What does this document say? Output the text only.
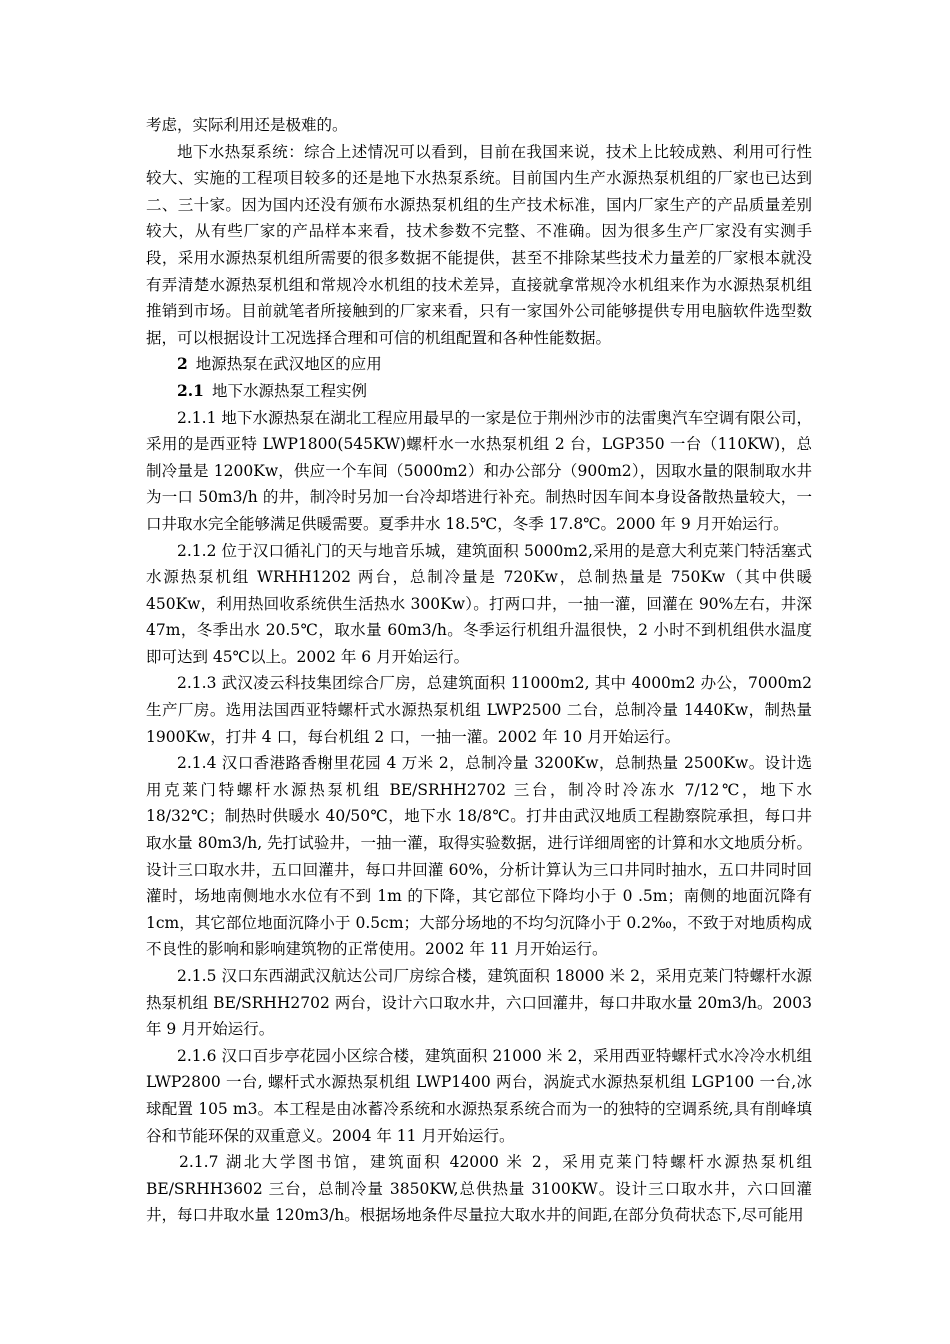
考虑，实际利用还是极难的。

地下水热泵系统：综合上述情况可以看到，目前在我国来说，技术上比较成熟、利用可行性较大、实施的工程项目较多的还是地下水热泵系统。目前国内生产水源热泵机组的厂家也已达到二、三十家。因为国内还没有颁布水源热泵机组的生产技术标准，国内厂家生产的产品质量差别较大，从有些厂家的产品样本来看，技术参数不完整、不准确。因为很多生产厂家没有实测手段，采用水源热泵机组所需要的很多数据不能提供，甚至不排除某些技术力量差的厂家根本就没有弄清楚水源热泵机组和常规冷水机组的技术差异，直接就拿常规冷水机组来作为水源热泵机组推销到市场。目前就笔者所接触到的厂家来看，只有一家国外公司能够提供专用电脑软件选型数据，可以根据设计工况选择合理和可信的机组配置和各种性能数据。

2 地源热泵在武汉地区的应用

2.1 地下水源热泵工程实例

2.1.1 地下水源热泵在湖北工程应用最早的一家是位于荆州沙市的法雷奥汽车空调有限公司，采用的是西亚特 LWP1800(545KW)螺杆水一水热泵机组 2 台，LGP350 一台（110KW)，总制冷量是 1200Kw，供应一个车间（5000m2）和办公部分（900m2），因取水量的限制取水井为一口 50m3/h 的井，制冷时另加一台冷却塔进行补充。制热时因车间本身设备散热量较大，一口井取水完全能够满足供暖需要。夏季井水 18.5℃，冬季 17.8℃。2000 年 9 月开始运行。

2.1.2 位于汉口循礼门的天与地音乐城，建筑面积 5000m2,采用的是意大利克莱门特活塞式水源热泵机组 WRHH1202 两台，总制冷量是 720Kw，总制热量是 750Kw（其中供暖450Kw，利用热回收系统供生活热水 300Kw）。打两口井，一抽一灌，回灌在 90%左右，井深 47m，冬季出水 20.5℃，取水量 60m3/h。冬季运行机组升温很快，2 小时不到机组供水温度即可达到 45℃以上。2002 年 6 月开始运行。

2.1.3 武汉凌云科技集团综合厂房，总建筑面积 11000m2, 其中 4000m2 办公，7000m2 生产厂房。选用法国西亚特螺杆式水源热泵机组 LWP2500 二台，总制冷量 1440Kw，制热量 1900Kw，打井 4 口，每台机组 2 口，一抽一灌。2002 年 10 月开始运行。

2.1.4 汉口香港路香榭里花园 4 万米 2，总制冷量 3200Kw，总制热量 2500Kw。设计选用克莱门特螺杆水源热泵机组 BE/SRHH2702 三台，制冷时冷冻水 7/12℃，地下水 18/32℃；制热时供暖水 40/50℃，地下水 18/8℃。打井由武汉地质工程勘察院承担，每口井取水量 80m3/h, 先打试验井，一抽一灌，取得实验数据，进行详细周密的计算和水文地质分析。设计三口取水井，五口回灌井，每口井回灌 60%，分析计算认为三口井同时抽水，五口井同时回灌时，场地南侧地水水位有不到 1m 的下降，其它部位下降均小于 0 .5m；南侧的地面沉降有 1cm，其它部位地面沉降小于 0.5cm；大部分场地的不均匀沉降小于 0.2‰，不致于对地质构成不良性的影响和影响建筑物的正常使用。2002 年 11 月开始运行。

2.1.5 汉口东西湖武汉航达公司厂房综合楼，建筑面积 18000 米 2，采用克莱门特螺杆水源热泵机组 BE/SRHH2702 两台，设计六口取水井，六口回灌井，每口井取水量 20m3/h。2003 年 9 月开始运行。

2.1.6 汉口百步亭花园小区综合楼，建筑面积 21000 米 2，采用西亚特螺杆式水冷冷水机组 LWP2800 一台, 螺杆式水源热泵机组 LWP1400 两台，涡旋式水源热泵机组 LGP100 一台,冰球配置 105 m3。本工程是由冰蓄冷系统和水源热泵系统合而为一的独特的空调系统,具有削峰填谷和节能环保的双重意义。2004 年 11 月开始运行。

2.1.7 湖北大学图书馆，建筑面积 42000 米 2，采用克莱门特螺杆水源热泵机组 BE/SRHH3602 三台，总制冷量 3850KW,总供热量 3100KW。设计三口取水井，六口回灌井，每口井取水量 120m3/h。根据场地条件尽量拉大取水井的间距,在部分负荷状态下,尽可能用
